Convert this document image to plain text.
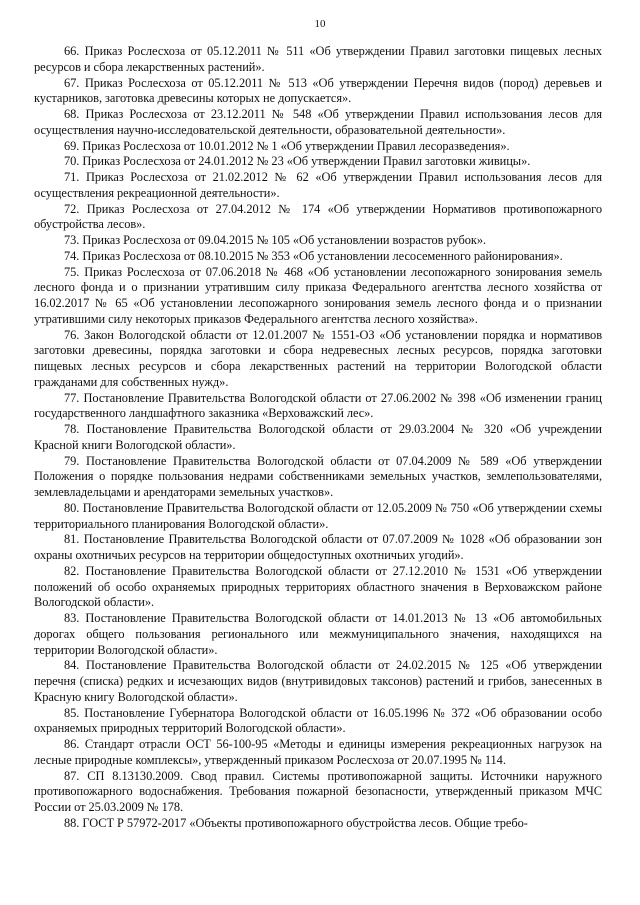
10

66. Приказ Рослесхоза от 05.12.2011 № 511 «Об утверждении Правил заготовки пищевых лесных ресурсов и сбора лекарственных растений».

67. Приказ Рослесхоза от 05.12.2011 № 513 «Об утверждении Перечня видов (пород) деревьев и кустарников, заготовка древесины которых не допускается».

68. Приказ Рослесхоза от 23.12.2011 № 548 «Об утверждении Правил использования лесов для осуществления научно-исследовательской деятельности, образовательной деятельности».

69. Приказ Рослесхоза от 10.01.2012 № 1 «Об утверждении Правил лесоразведения».

70. Приказ Рослесхоза от 24.01.2012 № 23 «Об утверждении Правил заготовки живицы».

71. Приказ Рослесхоза от 21.02.2012 № 62 «Об утверждении Правил использования лесов для осуществления рекреационной деятельности».

72. Приказ Рослесхоза от 27.04.2012 № 174 «Об утверждении Нормативов противопожарного обустройства лесов».

73. Приказ Рослесхоза от 09.04.2015 № 105 «Об установлении возрастов рубок».

74. Приказ Рослесхоза от 08.10.2015 № 353 «Об установлении лесосеменного районирования».

75. Приказ Рослесхоза от 07.06.2018 № 468 «Об установлении лесопожарного зонирования земель лесного фонда и о признании утратившим силу приказа Федерального агентства лесного хозяйства от 16.02.2017 № 65 «Об установлении лесопожарного зонирования земель лесного фонда и о признании утратившими силу некоторых приказов Федерального агентства лесного хозяйства».

76. Закон Вологодской области от 12.01.2007 № 1551-ОЗ «Об установлении порядка и нормативов заготовки древесины, порядка заготовки и сбора недревесных лесных ресурсов, порядка заготовки пищевых лесных ресурсов и сбора лекарственных растений на территории Вологодской области гражданами для собственных нужд».

77. Постановление Правительства Вологодской области от 27.06.2002 № 398 «Об изменении границ государственного ландшафтного заказника «Верховажский лес».

78. Постановление Правительства Вологодской области от 29.03.2004 № 320 «Об учреждении Красной книги Вологодской области».

79. Постановление Правительства Вологодской области от 07.04.2009 № 589 «Об утверждении Положения о порядке пользования недрами собственниками земельных участков, землепользователями, землевладельцами и арендаторами земельных участков».

80. Постановление Правительства Вологодской области от 12.05.2009 № 750 «Об утверждении схемы территориального планирования Вологодской области».

81. Постановление Правительства Вологодской области от 07.07.2009 № 1028 «Об образовании зон охраны охотничьих ресурсов на территории общедоступных охотничьих угодий».

82. Постановление Правительства Вологодской области от 27.12.2010 № 1531 «Об утверждении положений об особо охраняемых природных территориях областного значения в Верховажском районе Вологодской области».

83. Постановление Правительства Вологодской области от 14.01.2013 № 13 «Об автомобильных дорогах общего пользования регионального или межмуниципального значения, находящихся на территории Вологодской области».

84. Постановление Правительства Вологодской области от 24.02.2015 № 125 «Об утверждении перечня (списка) редких и исчезающих видов (внутривидовых таксонов) растений и грибов, занесенных в Красную книгу Вологодской области».

85. Постановление Губернатора Вологодской области от 16.05.1996 № 372 «Об образовании особо охраняемых природных территорий Вологодской области».

86. Стандарт отрасли ОСТ 56-100-95 «Методы и единицы измерения рекреационных нагрузок на лесные природные комплексы», утвержденный приказом Рослесхоза от 20.07.1995 № 114.

87. СП 8.13130.2009. Свод правил. Системы противопожарной защиты. Источники наружного противопожарного водоснабжения. Требования пожарной безопасности, утвержденный приказом МЧС России от 25.03.2009 № 178.

88. ГОСТ Р 57972-2017 «Объекты противопожарного обустройства лесов. Общие требо-
